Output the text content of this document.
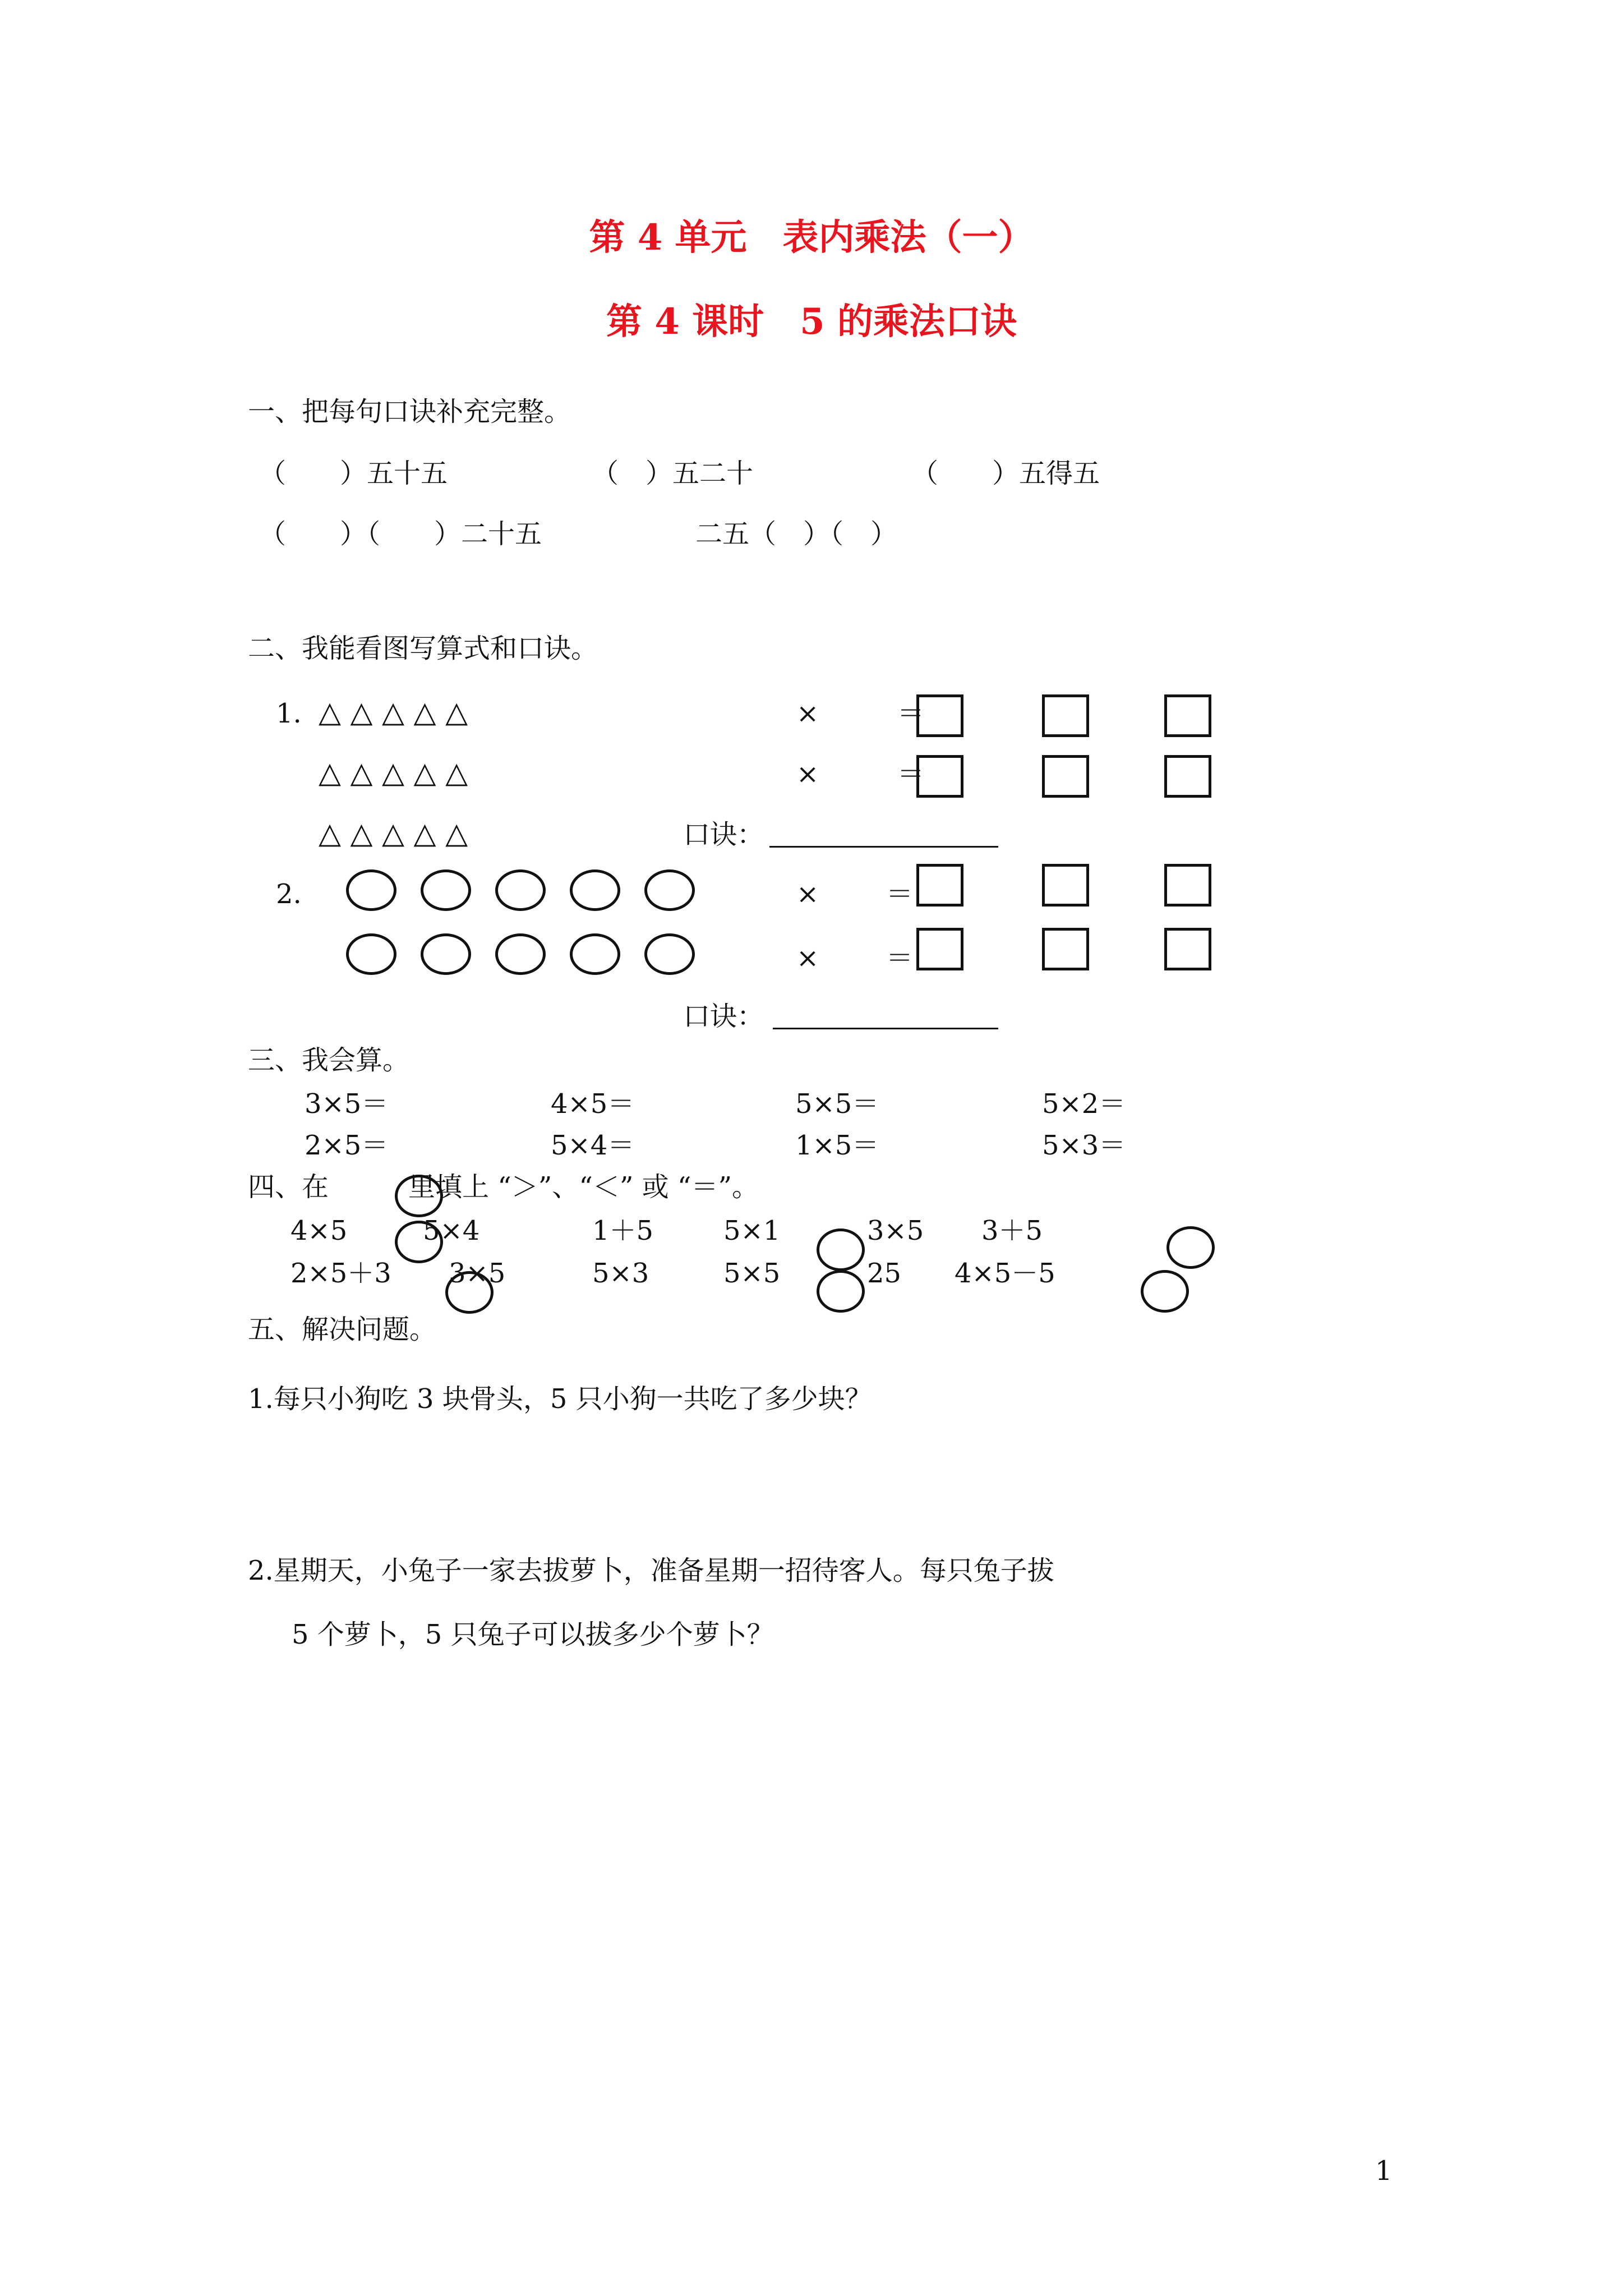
第 4 单元　表内乘法（一）
第 4 课时　5 的乘法口诀
一、把每句口诀补充完整。
（　　）五十五	（　）五二十	（　　）五得五
（　　）（　　）二十五	二五（　）（　）
二、我能看图写算式和口诀。
1. △ △ △ △ △
△ △ △ △ △
△ △ △ △ △
×	＝
×	＝
口诀：
2.	× ＝
× ＝
口诀：
三、我会算。
3×5＝	4×5＝	5×5＝	5×2＝
2×5＝	5×4＝	1×5＝	5×3＝
四、在	里填上 “＞”、“＜” 或 “＝”。
4×5	5×4	1＋5	5×1	3×5 3＋5
2×5＋3 3×5	5×3	5×5	25 4×5－5
五、解决问题。
1.每只小狗吃 3 块骨头，5 只小狗一共吃了多少块？
2.星期天，小兔子一家去拔萝卜，准备星期一招待客人。每只兔子拔
5 个萝卜，5 只兔子可以拔多少个萝卜？
1
